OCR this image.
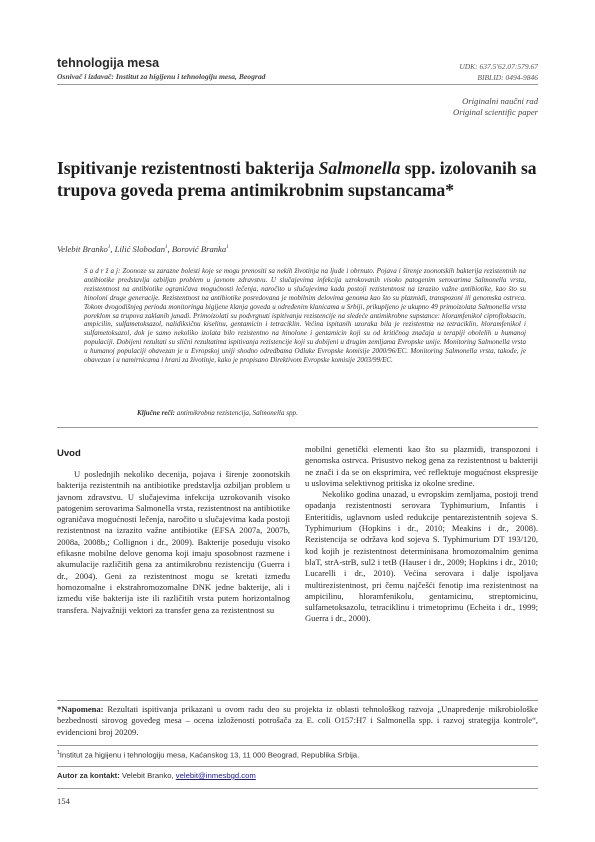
tehnologija mesa
Osnivač i izdavač: Institut za higijenu i tehnologiju mesa, Beograd
UDK: 637.5'62.07:579.67
BIBLID: 0494-9846
Originalni naučni rad
Original scientific paper
Ispitivanje rezistentnosti bakterija Salmonella spp. izolovanih sa trupova goveda prema antimikrobnim supstancama*
Velebit Branko$^1$, Lilić Slobodan$^1$, Borović Branka$^1$
S a d r ž a j: Zoonoze su zarazne bolesti koje se mogu prenositi sa nekih životinja na ljude i obrnuto. Pojava i širenje zoonotskih bakterija rezistentnih na antibiotike predstavlja ozbiljan problem u javnom zdravstvu. U slučajevima infekcija uzrokovanih visoko patogenim serovarima Salmonella vrsta, rezistentnost na antibiotike ograničava mogućnosti lečenja, naročito u slučajevima kada postoji rezistentnost na izrazito važne antibiotike, kao što su hinoloni druge generacije. Rezistentnost na antibiotike posredovana je mobilnim delovima genoma kao što su plazmidi, transpozoni ili genomska ostrvca. Tokom dvogodišnjeg perioda monitoringa higijene klanja goveda u određenim klanicama u Srbiji, prikupljeno je ukupno 49 primoizolata Salmonella vrsta poreklom sa trupova zaklanih junadi. Primoizolati su podvrgnuti ispitivanju rezistencije na sledeće antimikrobne supstance: hloramfenikol ciprofloksacin, ampicilin, sulfametoksazol, nalidiksičnu kiselinu, gentamicin i tetraciklin. Većina ispitanih uzoraka bila je rezistentna na tetraciklin, hloramfenikol i sulfametoksazol, dok je samo nekoliko izolata bilo rezistentno na hinolone i gentamicin koji su od kritičnog značaja u terapiji obolelih u humanoj populaciji. Dobijeni rezultati su slični rezultatima ispitivanja rezistencije koji su dobijeni u drugim zemljama Evropske unije. Monitoring Salmonella vrsta u humanoj populaciji obavezan je u Evropskoj uniji shodno odredbama Odluke Evropske komisije 2000/96/EC. Monitoring Salmonella vrsta, takođe, je obavezan i u namirnicama i hrani za životinje, kako je propisano Direktivom Evropske komisije 2003/99/EC.
Ključne reči: antimikrobna rezistencija, Salmonella spp.
Uvod

U poslednjih nekoliko decenija, pojava i širenje zoonotskih bakterija rezistentnih na antibiotike predstavlja ozbiljan problem u javnom zdravstvu. U slučajevima infekcija uzrokovanih visoko patogenim serovarima Salmonella vrsta, rezistentnost na antibiotike ograničava mogućnosti lečenja, naročito u slučajevima kada postoji rezistentnost na izrazito važne antibiotike (EFSA 2007a, 2007b, 2008a, 2008b,; Collignon i dr., 2009). Bakterije poseduju visoko efikasne mobilne delove genoma koji imaju sposobnost razmene i akumulacije različitih gena za antimikrobnu rezistenciju (Guerra i dr., 2004). Geni za rezistentnost mogu se kretati između homozomalne i ekstrahromozomalne DNK jedne bakterije, ali i između više bakterija iste ili različitih vrsta putem horizontalnog transfera. Najvažniji vektori za transfer gena za rezistentnost su

mobilni genetički elementi kao što su plazmidi, transpozoni i genomska ostrvca. Prisustvo nekog gena za rezistentnost u bakteriji ne znači i da se on eksprimira, već reflektuje mogućnost ekspresije u uslovima selektivnog pritiska iz okolne sredine.

Nekoliko godina unazad, u evropskim zemljama, postoji trend opadanja rezistentnosti serovara Typhimurium, Infantis i Enteritidis, uglavnom usled redukcije pentarezistentnih sojeva S. Typhimurium (Hopkins i dr., 2010; Meakins i dr., 2008). Rezistencija se održava kod sojeva S. Typhimurium DT 193/120, kod kojih je rezistentnost determinisana hromozomalnim genima blaT, strA-strB, sul2 i tetB (Hauser i dr., 2009; Hopkins i dr., 2010; Lucarelli i dr., 2010). Većina serovara i dalje ispoljava multirezistentnost, pri čemu najčešći fenotip ima rezistentnost na ampicilinu, hloramfenikolu, gentamicinu, streptomicinu, sulfametoksazolu, tetraciklinu i trimetoprimu (Echeita i dr., 1999; Guerra i dr., 2000).

*Napomena: Rezultati ispitivanja prikazani u ovom radu deo su projekta iz oblasti tehnološkog razvoja „Unapređenje mikrobiološke bezbednosti sirovog goveđeg mesa – ocena izloženosti potrošača za E. coli O157:H7 i Salmonella spp. i razvoj strategija kontrole“, evidencioni broj 20209.
$^1$Institut za higijenu i tehnologiju mesa, Kaćanskog 13, 11 000 Beograd, Republika Srbija.
Autor za kontakt: Velebit Branko, velebit@inmesbgd.com
154
